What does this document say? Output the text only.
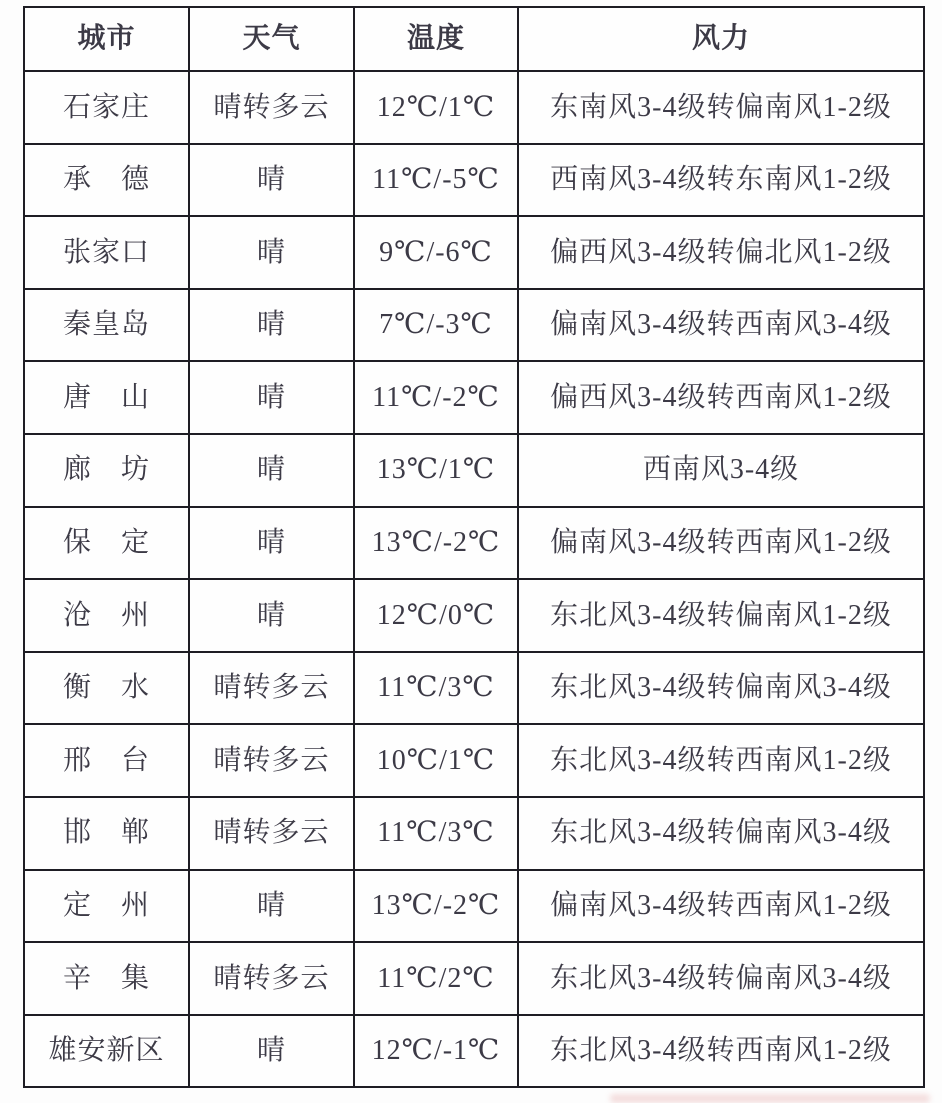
城市	天气	温度	风力
石家庄	晴转多云	12℃/1℃	东南风3-4级转偏南风1-2级
承　德	晴	11℃/-5℃	西南风3-4级转东南风1-2级
张家口	晴	9℃/-6℃	偏西风3-4级转偏北风1-2级
秦皇岛	晴	7℃/-3℃	偏南风3-4级转西南风3-4级
唐　山	晴	11℃/-2℃	偏西风3-4级转西南风1-2级
廊　坊	晴	13℃/1℃	西南风3-4级
保　定	晴	13℃/-2℃	偏南风3-4级转西南风1-2级
沧　州	晴	12℃/0℃	东北风3-4级转偏南风1-2级
衡　水	晴转多云	11℃/3℃	东北风3-4级转偏南风3-4级
邢　台	晴转多云	10℃/1℃	东北风3-4级转西南风1-2级
邯　郸	晴转多云	11℃/3℃	东北风3-4级转偏南风3-4级
定　州	晴	13℃/-2℃	偏南风3-4级转西南风1-2级
辛　集	晴转多云	11℃/2℃	东北风3-4级转偏南风3-4级
雄安新区	晴	12℃/-1℃	东北风3-4级转西南风1-2级
